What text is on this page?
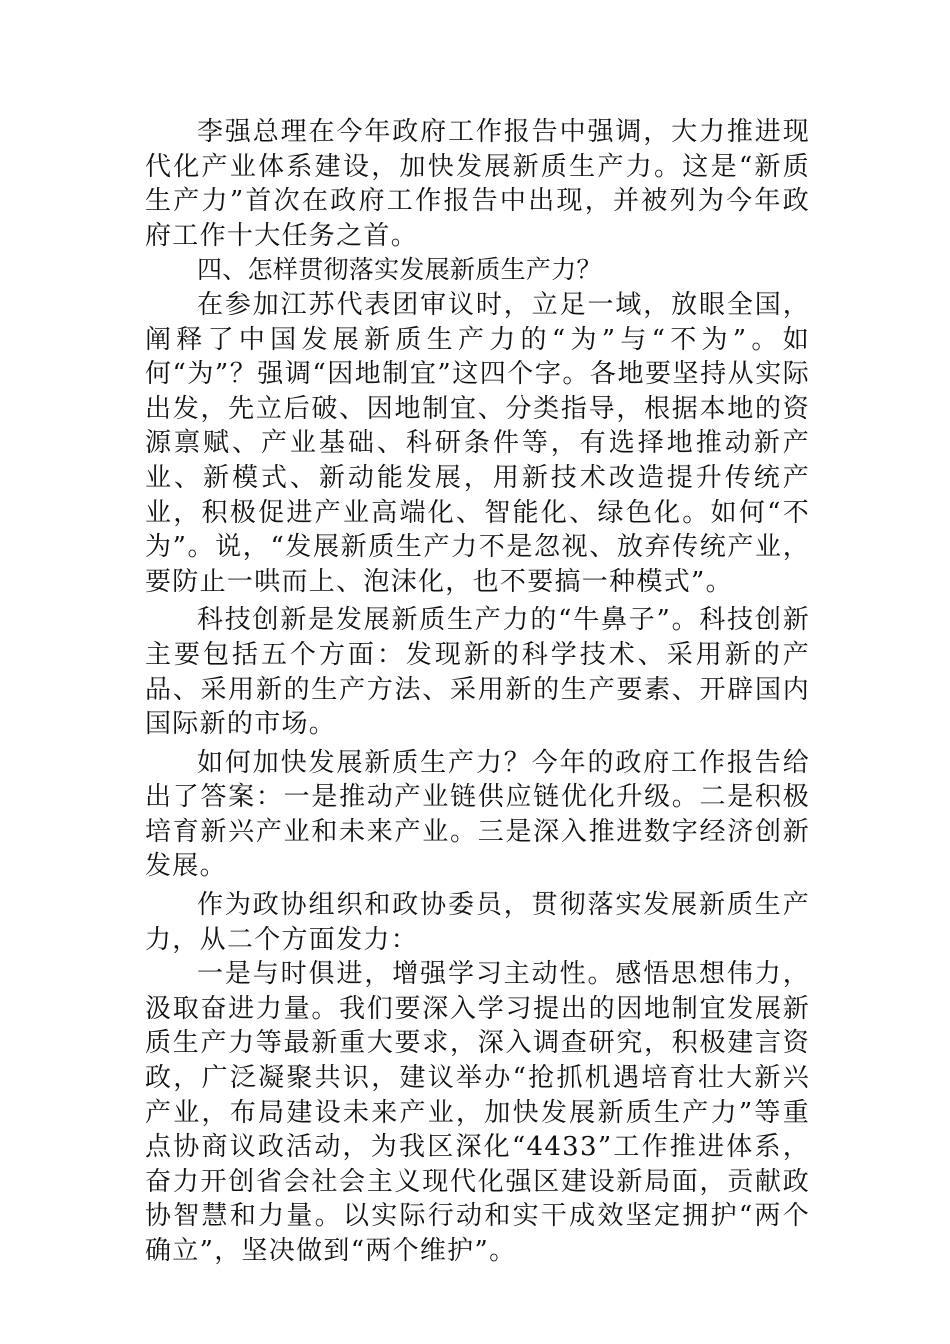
李强总理在今年政府工作报告中强调，大力推进现代化产业体系建设，加快发展新质生产力。这是“新质生产力”首次在政府工作报告中出现，并被列为今年政府工作十大任务之首。

四、怎样贯彻落实发展新质生产力？

在参加江苏代表团审议时，立足一域，放眼全国，阐释了中国发展新质生产力的“为”与“不为”。如何“为”？强调“因地制宜”这四个字。各地要坚持从实际出发，先立后破、因地制宜、分类指导，根据本地的资源禀赋、产业基础、科研条件等，有选择地推动新产业、新模式、新动能发展，用新技术改造提升传统产业，积极促进产业高端化、智能化、绿色化。如何“不为”。说，“发展新质生产力不是忽视、放弃传统产业，要防止一哄而上、泡沫化，也不要搞一种模式”。

科技创新是发展新质生产力的“牛鼻子”。科技创新主要包括五个方面：发现新的科学技术、采用新的产品、采用新的生产方法、采用新的生产要素、开辟国内国际新的市场。

如何加快发展新质生产力？今年的政府工作报告给出了答案：一是推动产业链供应链优化升级。二是积极培育新兴产业和未来产业。三是深入推进数字经济创新发展。

作为政协组织和政协委员，贯彻落实发展新质生产力，从二个方面发力：

一是与时俱进，增强学习主动性。感悟思想伟力，汲取奋进力量。我们要深入学习提出的因地制宜发展新质生产力等最新重大要求，深入调查研究，积极建言资政，广泛凝聚共识，建议举办“抢抓机遇培育壮大新兴产业，布局建设未来产业，加快发展新质生产力”等重点协商议政活动，为我区深化“4433”工作推进体系，奋力开创省会社会主义现代化强区建设新局面，贡献政协智慧和力量。以实际行动和实干成效坚定拥护“两个确立”，坚决做到“两个维护”。
